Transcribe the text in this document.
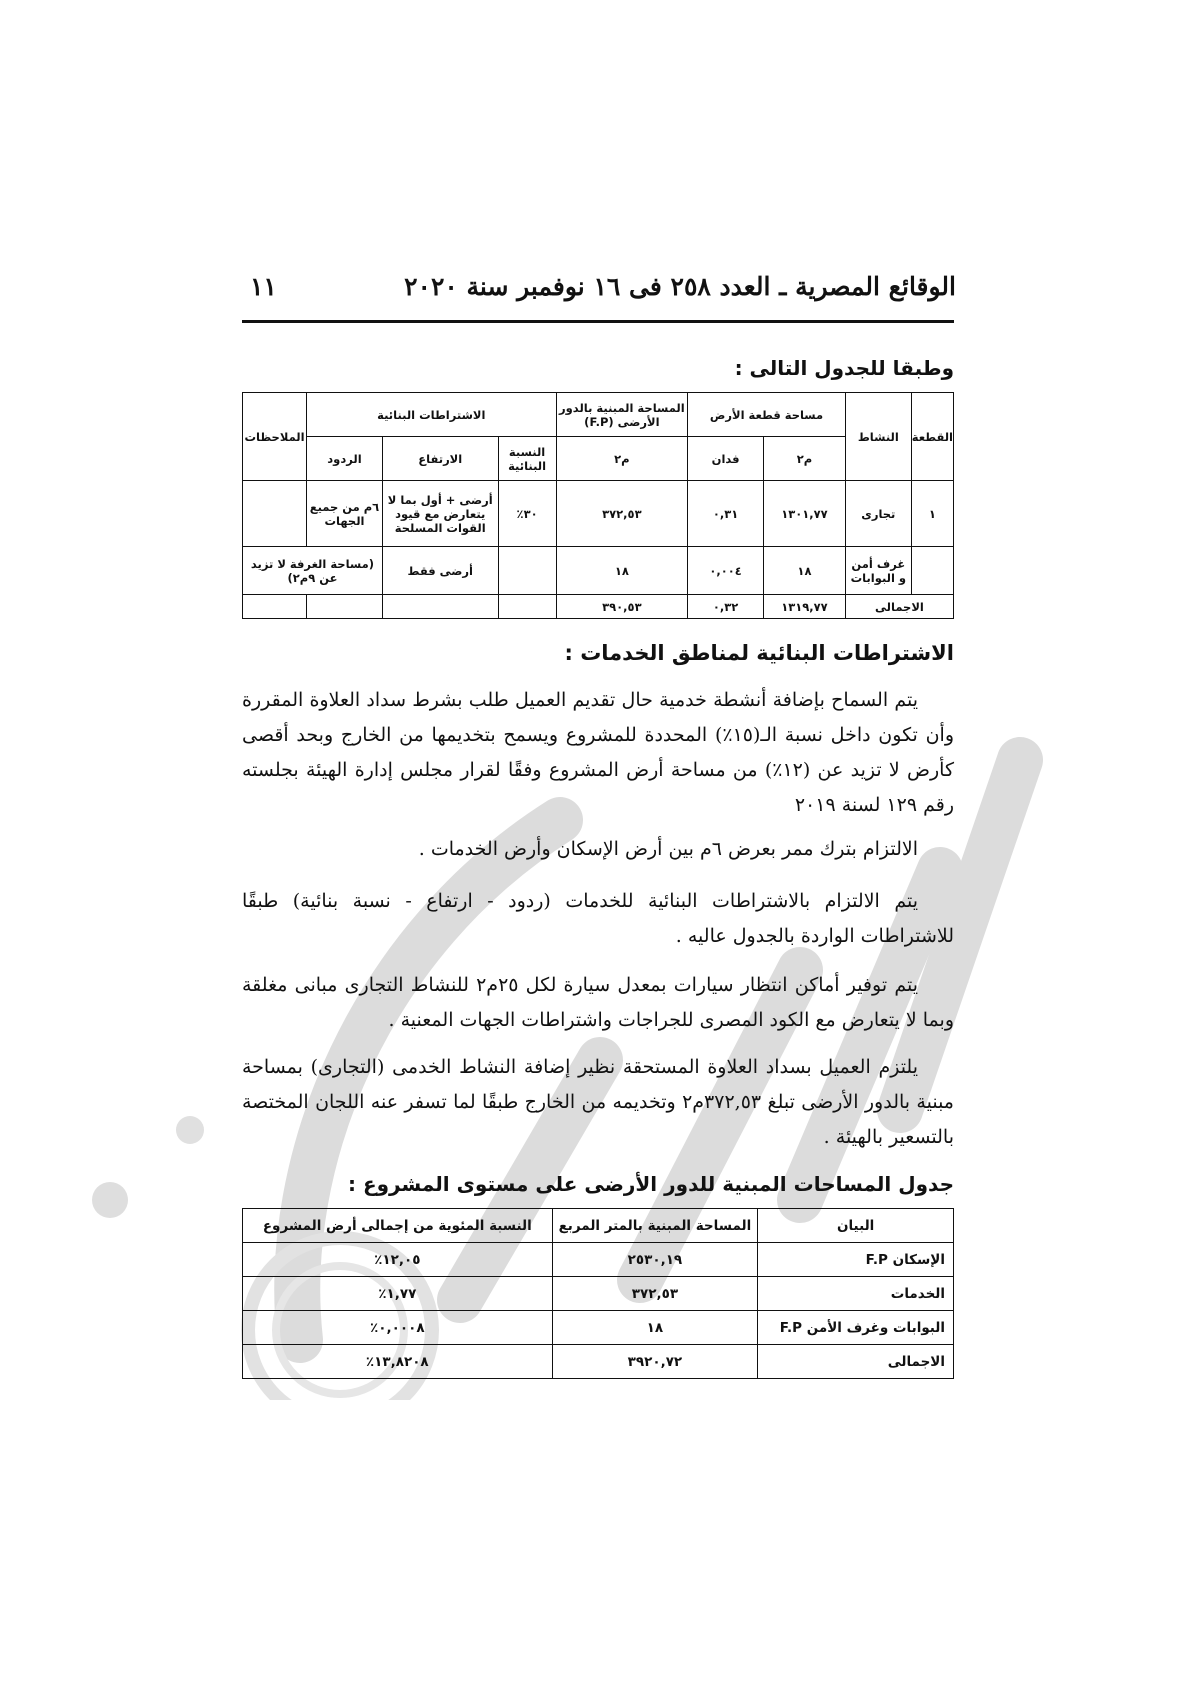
الوقائع المصرية ـ العدد ٢٥٨ فى ١٦ نوفمبر سنة ٢٠٢٠
١١
وطبقا للجدول التالى :
القطعة	النشاط	مساحة قطعة الأرض		المساحة المبنية بالدور الأرضى (F.P)	الاشتراطات البنائية			الملاحظات
		م٢	فدان	م٢	النسبة البنائية	الارتفاع	الردود	
١	تجارى	١٣٠١,٧٧	٠,٣١	٣٧٢,٥٣	٣٠٪	أرضى + أول بما لا يتعارض مع قيود القوات المسلحة	٦م من جميع الجهات	
	غرف أمن و البوابات	١٨	٠,٠٠٤	١٨		أرضى فقط	(مساحة الغرفة لا تزيد عن ٩م٢)	
الاجمالى		١٣١٩,٧٧	٠,٣٢	٣٩٠,٥٣				
الاشتراطات البنائية لمناطق الخدمات :
يتم السماح بإضافة أنشطة خدمية حال تقديم العميل طلب بشرط سداد العلاوة المقررة وأن تكون داخل نسبة الـ(١٥٪) المحددة للمشروع ويسمح بتخديمها من الخارج وبحد أقصى كأرض لا تزيد عن (١٢٪) من مساحة أرض المشروع وفقًا لقرار مجلس إدارة الهيئة بجلسته رقم ١٢٩ لسنة ٢٠١٩
الالتزام بترك ممر بعرض ٦م بين أرض الإسكان وأرض الخدمات .
يتم الالتزام بالاشتراطات البنائية للخدمات (ردود - ارتفاع - نسبة بنائية) طبقًا للاشتراطات الواردة بالجدول عاليه .
يتم توفير أماكن انتظار سيارات بمعدل سيارة لكل ٢٥م٢ للنشاط التجارى مبانى مغلقة وبما لا يتعارض مع الكود المصرى للجراجات واشتراطات الجهات المعنية .
يلتزم العميل بسداد العلاوة المستحقة نظير إضافة النشاط الخدمى (التجارى) بمساحة مبنية بالدور الأرضى تبلغ ٣٧٢,٥٣م٢ وتخديمه من الخارج طبقًا لما تسفر عنه اللجان المختصة بالتسعير بالهيئة .
جدول المساحات المبنية للدور الأرضى على مستوى المشروع :
البيان	المساحة المبنية بالمتر المربع	النسبة المئوية من إجمالى أرض المشروع
الإسكان F.P	٢٥٣٠,١٩	١٢,٠٥٪
الخدمات	٣٧٢,٥٣	١,٧٧٪
البوابات وغرف الأمن F.P	١٨	٠,٠٠٠٨٪
الاجمالى	٣٩٢٠,٧٢	١٣,٨٢٠٨٪
